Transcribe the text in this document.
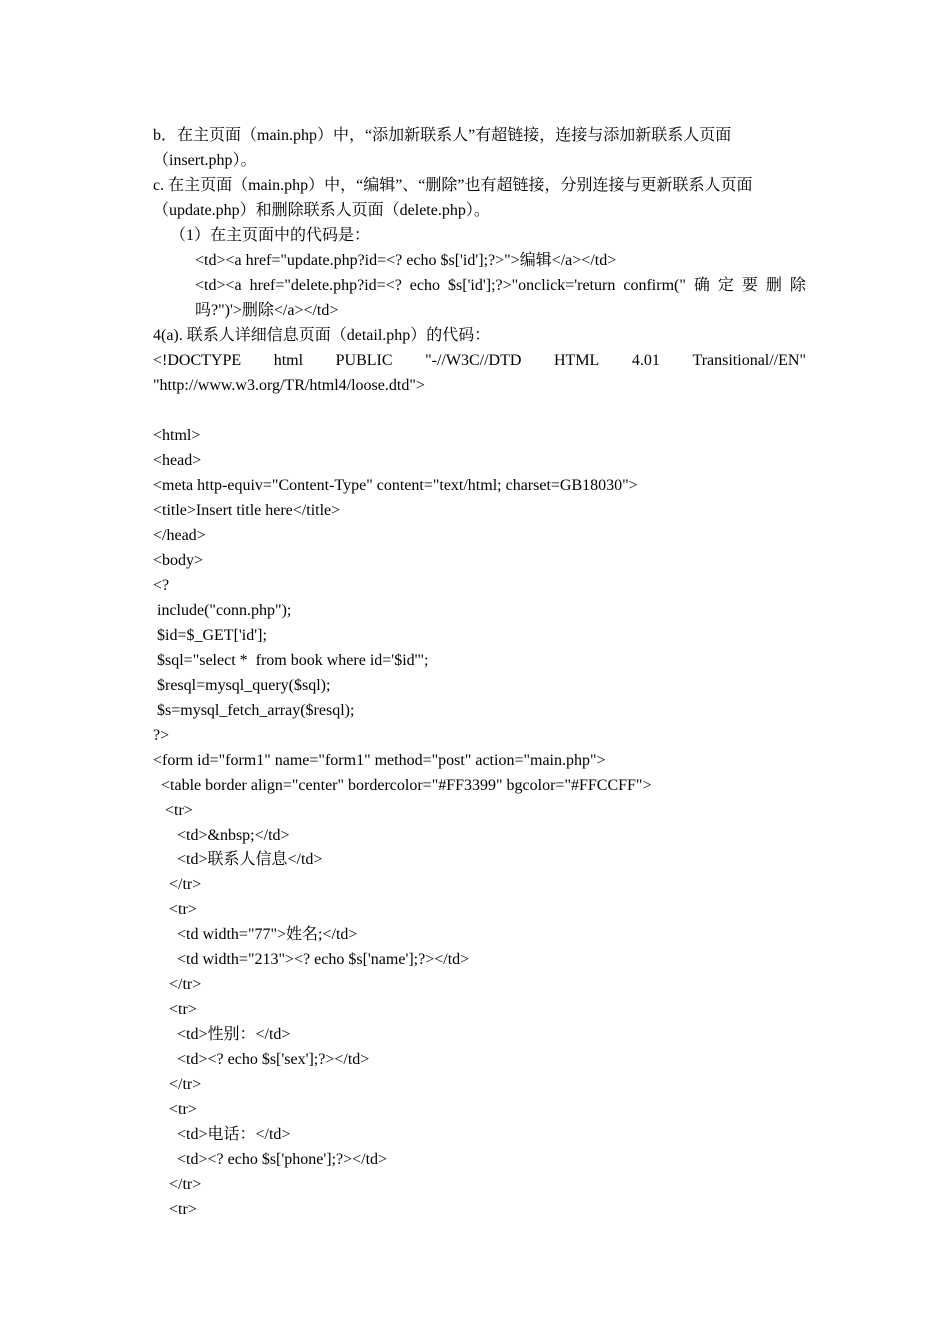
b．在主页面（main.php）中，“添加新联系人”有超链接，连接与添加新联系人页面
（insert.php）。
c. 在主页面（main.php）中，“编辑”、“删除”也有超链接，分别连接与更新联系人页面
（update.php）和删除联系人页面（delete.php）。
（1）在主页面中的代码是：
<td><a href="update.php?id=<? echo $s['id'];?>">编辑</a></td>
<td><a href="delete.php?id=<? echo $s['id'];?>"onclick='return confirm(" 确 定 要 删 除
吗?")'>删除</a></td>
4(a). 联系人详细信息页面（detail.php）的代码：
<!DOCTYPE html PUBLIC "-//W3C//DTD HTML 4.01 Transitional//EN"
"http://www.w3.org/TR/html4/loose.dtd">
<html>
<head>
<meta http-equiv="Content-Type" content="text/html; charset=GB18030">
<title>Insert title here</title>
</head>
<body>
<?
include("conn.php");
$id=$_GET['id'];
$sql="select *  from book where id='$id'";
$resql=mysql_query($sql);
$s=mysql_fetch_array($resql);
?>
<form id="form1" name="form1" method="post" action="main.php">
<table border align="center" bordercolor="#FF3399" bgcolor="#FFCCFF">
<tr>
<td>&nbsp;</td>
<td>联系人信息</td>
</tr>
<tr>
<td width="77">姓名;</td>
<td width="213"><? echo $s['name'];?></td>
</tr>
<tr>
<td>性别：</td>
<td><? echo $s['sex'];?></td>
</tr>
<tr>
<td>电话：</td>
<td><? echo $s['phone'];?></td>
</tr>
<tr>
